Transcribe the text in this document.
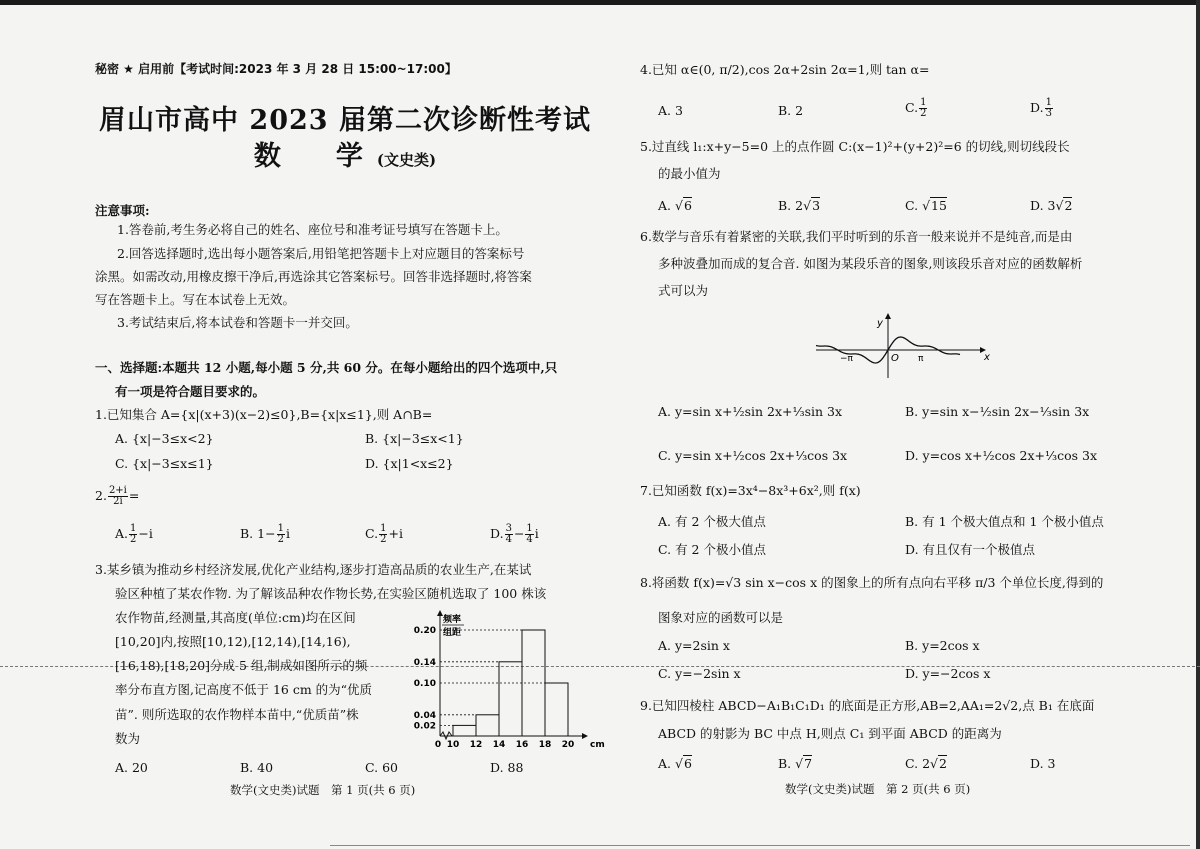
秘密 ★ 启用前【考试时间:2023 年 3 月 28 日 15:00~17:00】
眉山市高中 2023 届第二次诊断性考试
数　学(文史类)
注意事项:
1.答卷前,考生务必将自己的姓名、座位号和准考证号填写在答题卡上。
2.回答选择题时,选出每小题答案后,用铅笔把答题卡上对应题目的答案标号
涂黑。如需改动,用橡皮擦干净后,再选涂其它答案标号。回答非选择题时,将答案
写在答题卡上。写在本试卷上无效。
3.考试结束后,将本试卷和答题卡一并交回。
一、选择题:本题共 12 小题,每小题 5 分,共 60 分。在每小题给出的四个选项中,只
有一项是符合题目要求的。
1.已知集合 A={x|(x+3)(x−2)≤0},B={x|x≤1},则 A∩B=
A. {x|−3≤x<2}	B. {x|−3≤x<1}
C. {x|−3≤x≤1}	D. {x|1<x≤2}
2. $\frac{2+i}{2i}$ =
A. $\frac{1}{2} -i$	B. $1- \frac{1}{2}$ i	C. $\frac{1}{2} +i$	D. $\frac{3}{4} - \frac{1}{4}$ i
3.某乡镇为推动乡村经济发展,优化产业结构,逐步打造高品质的农业生产,在某试
验区种植了某农作物. 为了解该品种农作物长势,在实验区随机选取了 100 株该
农作物苗,经测量,其高度(单位:cm)均在区间
[10,20]内,按照[10,12),[12,14),[14,16),
[16,18),[18,20]分成 5 组,制成如图所示的频
率分布直方图,记高度不低于 16 cm 的为“优质
苗”. 则所选取的农作物样本苗中,“优质苗”株
数为
0.02
0.04
0.10
0.14
0.20
0 10 12 14 16 18 20 cm
频率
组距
A. 20	B. 40	C. 60	D. 88
数学(文史类)试题　第 1 页(共 6 页)
4.已知 α∈(0, π/2),cos 2α+2sin 2α=1,则 tan α=
A. 3	B. 2	C. $\frac{1}{2}$	D. $\frac{1}{3}$
5.过直线 l₁:x+y−5=0 上的点作圆 C:(x−1)²+(y+2)²=6 的切线,则切线段长
的最小值为
A. √6	B. 2√3	C. √15	D. 3√2
6.数学与音乐有着紧密的关联,我们平时听到的乐音一般来说并不是纯音,而是由
多种波叠加而成的复合音. 如图为某段乐音的图象,则该段乐音对应的函数解析
式可以为
y
x
O
−π	π
A. y=sin x+½sin 2x+⅓sin 3x	B. y=sin x−½sin 2x−⅓sin 3x
C. y=sin x+½cos 2x+⅓cos 3x	D. y=cos x+½cos 2x+⅓cos 3x
7.已知函数 f(x)=3x⁴−8x³+6x²,则 f(x)
A. 有 2 个极大值点	B. 有 1 个极大值点和 1 个极小值点
C. 有 2 个极小值点	D. 有且仅有一个极值点
8.将函数 f(x)=√3 sin x−cos x 的图象上的所有点向右平移 π/3 个单位长度,得到的
图象对应的函数可以是
A. y=2sin x	B. y=2cos x
C. y=−2sin x	D. y=−2cos x
9.已知四棱柱 ABCD−A₁B₁C₁D₁ 的底面是正方形,AB=2,AA₁=2√2,点 B₁ 在底面
ABCD 的射影为 BC 中点 H,则点 C₁ 到平面 ABCD 的距离为
A. √6	B. √7	C. 2√2	D. 3
数学(文史类)试题　第 2 页(共 6 页)
